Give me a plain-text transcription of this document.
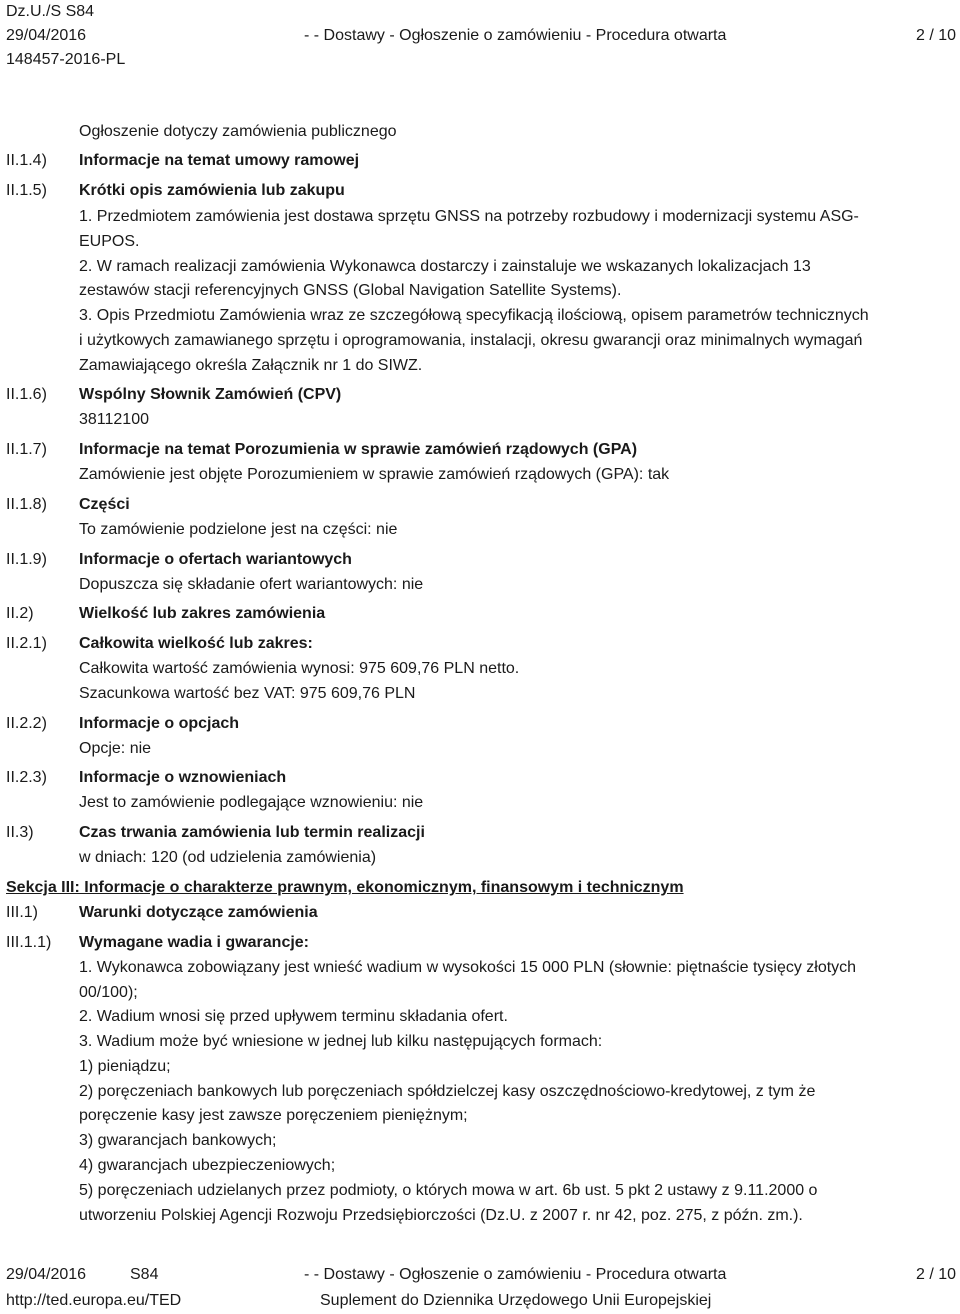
Dz.U./S S84
29/04/2016	- - Dostawy - Ogłoszenie o zamówieniu - Procedura otwarta	2 / 10
148457-2016-PL
Ogłoszenie dotyczy zamówienia publicznego
II.1.4) Informacje na temat umowy ramowej
II.1.5) Krótki opis zamówienia lub zakupu
1. Przedmiotem zamówienia jest dostawa sprzętu GNSS na potrzeby rozbudowy i modernizacji systemu ASG-
EUPOS.
2. W ramach realizacji zamówienia Wykonawca dostarczy i zainstaluje we wskazanych lokalizacjach 13
zestawów stacji referencyjnych GNSS (Global Navigation Satellite Systems).
3. Opis Przedmiotu Zamówienia wraz ze szczegółową specyfikacją ilościową, opisem parametrów technicznych
i użytkowych zamawianego sprzętu i oprogramowania, instalacji, okresu gwarancji oraz minimalnych wymagań
Zamawiającego określa Załącznik nr 1 do SIWZ.
II.1.6) Wspólny Słownik Zamówień (CPV)
38112100
II.1.7) Informacje na temat Porozumienia w sprawie zamówień rządowych (GPA)
Zamówienie jest objęte Porozumieniem w sprawie zamówień rządowych (GPA): tak
II.1.8) Części
To zamówienie podzielone jest na części: nie
II.1.9) Informacje o ofertach wariantowych
Dopuszcza się składanie ofert wariantowych: nie
II.2)	Wielkość lub zakres zamówienia
II.2.1) Całkowita wielkość lub zakres:
Całkowita wartość zamówienia wynosi: 975 609,76 PLN netto.
Szacunkowa wartość bez VAT: 975 609,76 PLN
II.2.2) Informacje o opcjach
Opcje: nie
II.2.3) Informacje o wznowieniach
Jest to zamówienie podlegające wznowieniu: nie
II.3)	Czas trwania zamówienia lub termin realizacji
w dniach: 120 (od udzielenia zamówienia)
Sekcja III: Informacje o charakterze prawnym, ekonomicznym, finansowym i technicznym
III.1)	Warunki dotyczące zamówienia
III.1.1) Wymagane wadia i gwarancje:
1. Wykonawca zobowiązany jest wnieść wadium w wysokości 15 000 PLN (słownie: piętnaście tysięcy złotych
00/100);
2. Wadium wnosi się przed upływem terminu składania ofert.
3. Wadium może być wniesione w jednej lub kilku następujących formach:
1) pieniądzu;
2) poręczeniach bankowych lub poręczeniach spółdzielczej kasy oszczędnościowo-kredytowej, z tym że
poręczenie kasy jest zawsze poręczeniem pieniężnym;
3) gwarancjach bankowych;
4) gwarancjach ubezpieczeniowych;
5) poręczeniach udzielanych przez podmioty, o których mowa w art. 6b ust. 5 pkt 2 ustawy z 9.11.2000 o
utworzeniu Polskiej Agencji Rozwoju Przedsiębiorczości (Dz.U. z 2007 r. nr 42, poz. 275, z późn. zm.).
29/04/2016	S84	- - Dostawy - Ogłoszenie o zamówieniu - Procedura otwarta	2 / 10
http://ted.europa.eu/TED	Suplement do Dziennika Urzędowego Unii Europejskiej
